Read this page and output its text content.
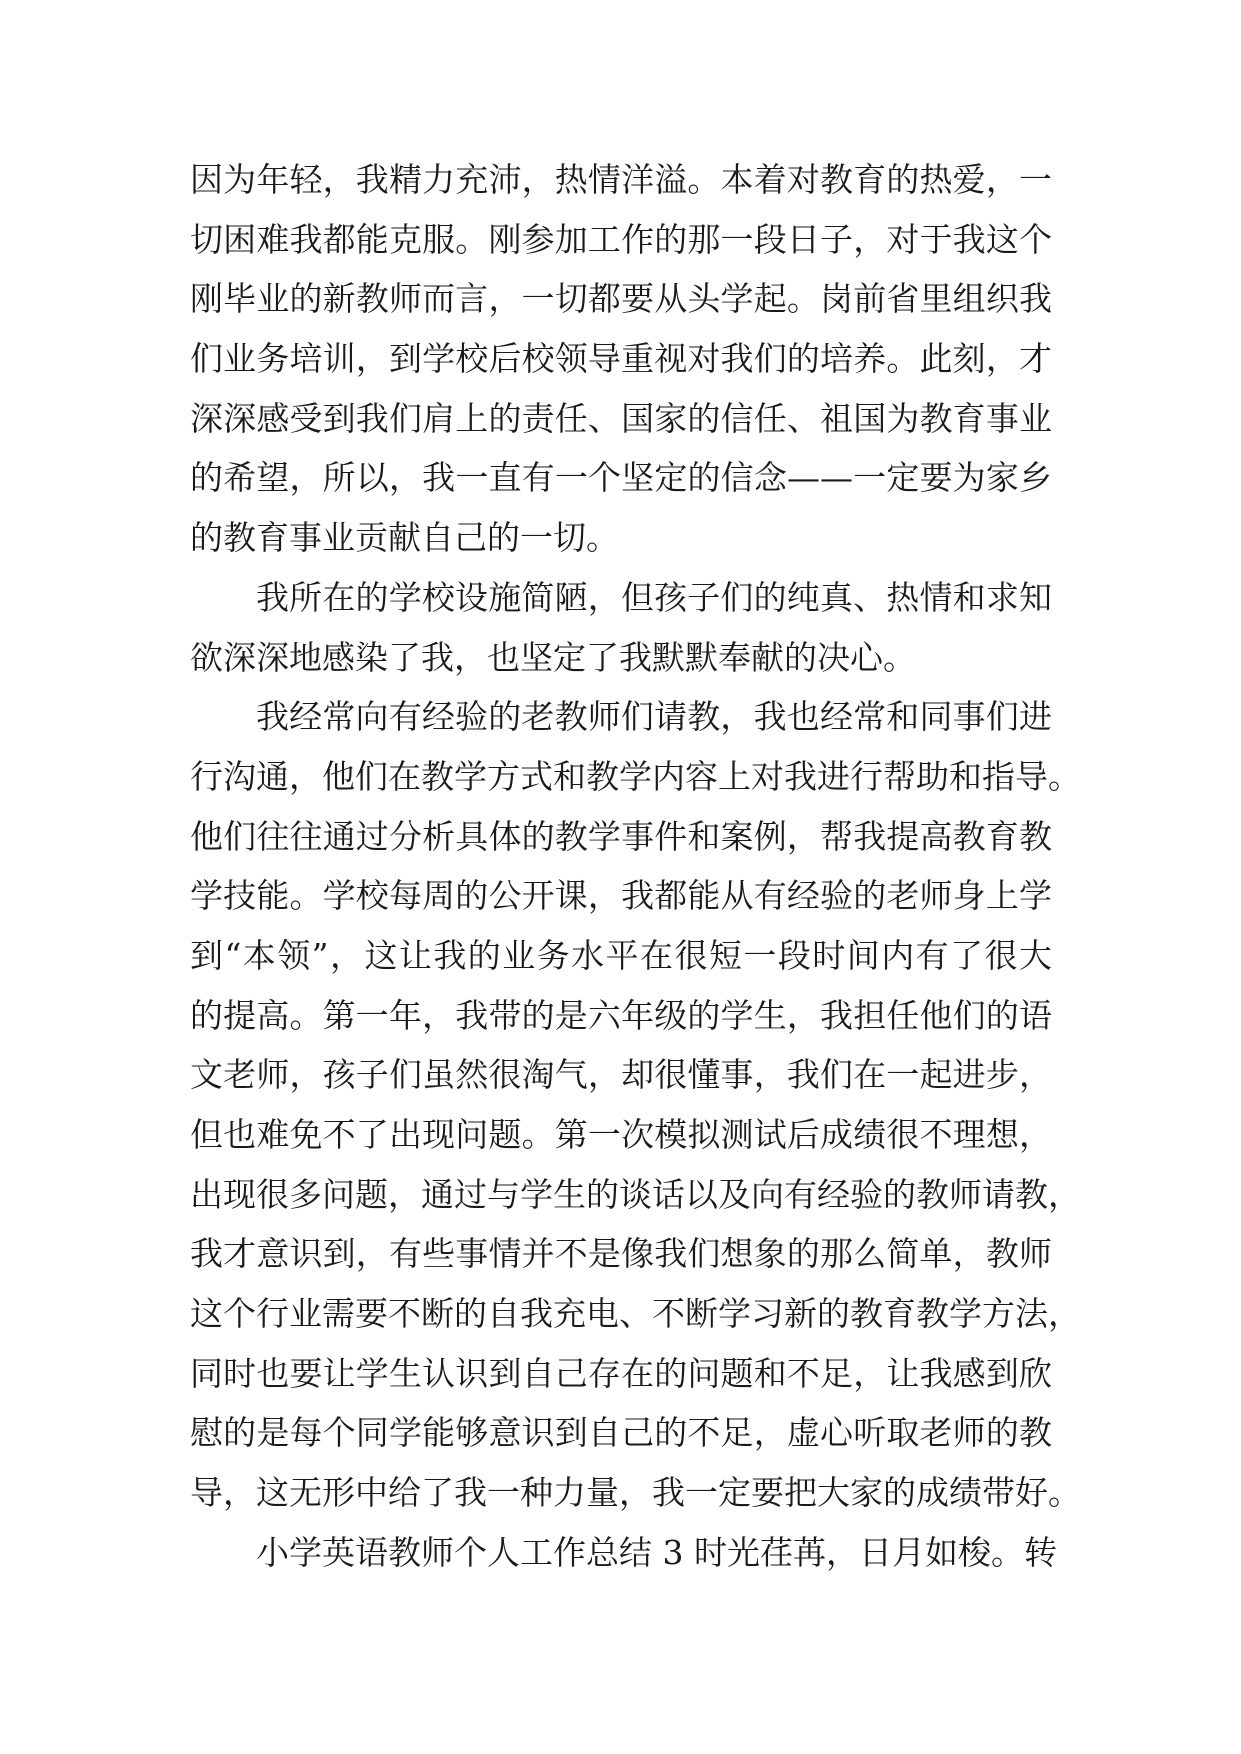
因为年轻，我精力充沛，热情洋溢。本着对教育的热爱，一
切困难我都能克服。刚参加工作的那一段日子，对于我这个
刚毕业的新教师而言，一切都要从头学起。岗前省里组织我
们业务培训，到学校后校领导重视对我们的培养。此刻，才
深深感受到我们肩上的责任、国家的信任、祖国为教育事业
的希望，所以，我一直有一个坚定的信念——一定要为家乡
的教育事业贡献自己的一切。
我所在的学校设施简陋，但孩子们的纯真、热情和求知
欲深深地感染了我，也坚定了我默默奉献的决心。
我经常向有经验的老教师们请教，我也经常和同事们进
行沟通，他们在教学方式和教学内容上对我进行帮助和指导。
他们往往通过分析具体的教学事件和案例，帮我提高教育教
学技能。学校每周的公开课，我都能从有经验的老师身上学
到“本领”，这让我的业务水平在很短一段时间内有了很大
的提高。第一年，我带的是六年级的学生，我担任他们的语
文老师，孩子们虽然很淘气，却很懂事，我们在一起进步，
但也难免不了出现问题。第一次模拟测试后成绩很不理想，
出现很多问题，通过与学生的谈话以及向有经验的教师请教，
我才意识到，有些事情并不是像我们想象的那么简单，教师
这个行业需要不断的自我充电、不断学习新的教育教学方法，
同时也要让学生认识到自己存在的问题和不足，让我感到欣
慰的是每个同学能够意识到自己的不足，虚心听取老师的教
导，这无形中给了我一种力量，我一定要把大家的成绩带好。
小学英语教师个人工作总结 3 时光荏苒，日月如梭。转
